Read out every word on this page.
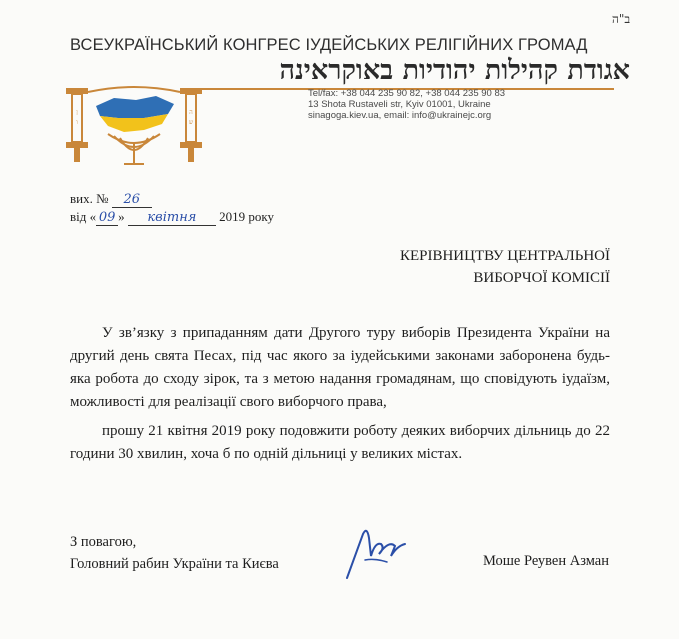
ב"ה
ВСЕУКРАЇНСЬКИЙ КОНГРЕС ІУДЕЙСЬКИХ РЕЛІГІЙНИХ ГРОМАД
אגודת קהילות יהודיות באוקראינה
ן
ו
ה
ש
Tel/fax: +38 044 235 90 82, +38 044 235 90 83
13 Shota Rustaveli str, Kyiv 01001, Ukraine
sinagoga.kiev.ua, email: info@ukrainejc.org
вих. № 26
від « 09 » квітня 2019 року
КЕРІВНИЦТВУ ЦЕНТРАЛЬНОЇ
ВИБОРЧОЇ КОМІСІЇ

У зв’язку з припаданням дати Другого туру виборів Президента України на другий день свята Песах, під час якого за іудейськими законами заборонена будь-яка робота до сходу зірок, та з метою надання громадянам, що сповідують іудаїзм, можливості для реалізації свого виборчого права,

прошу 21 квітня 2019 року подовжити роботу деяких виборчих дільниць до 22 години 30 хвилин, хоча б по одній дільниці у великих містах.

З повагою,
Головний рабин України та Києва	Моше Реувен Азман
